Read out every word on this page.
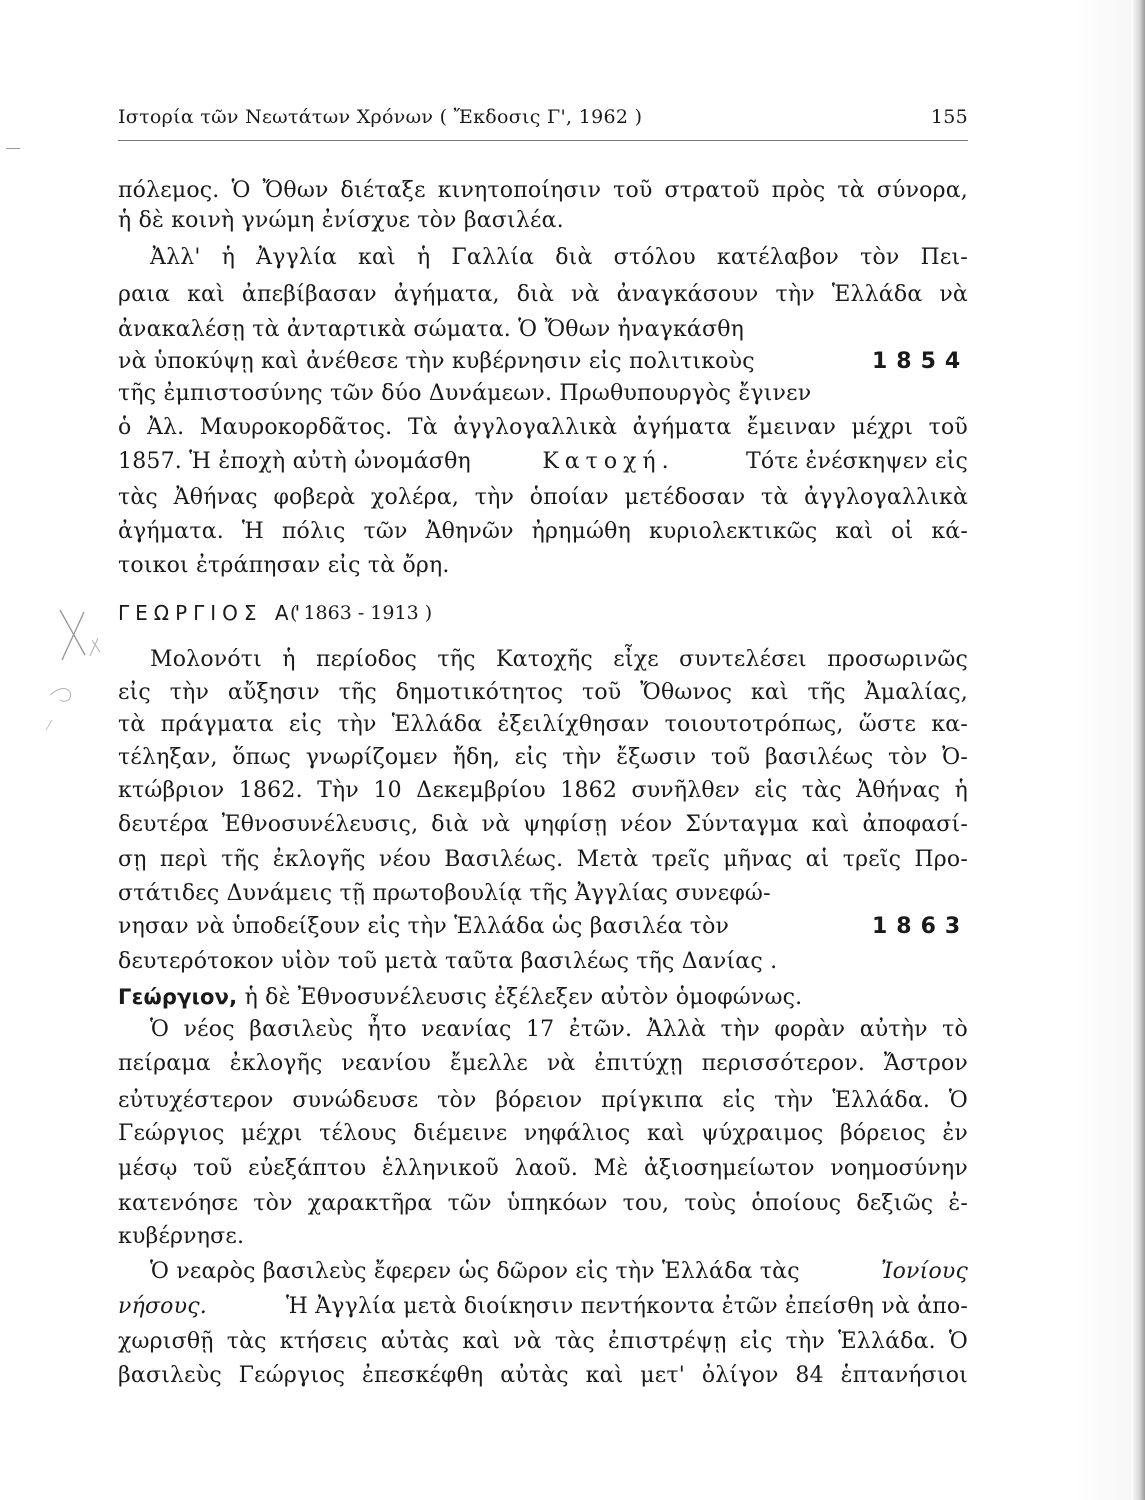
Ιστορία τῶν Νεωτάτων Χρόνων ( Ἔκδοσις Γ', 1962 )	155
πόλεμος. Ὁ Ὄθων διέταξε κινητοποίησιν τοῦ στρατοῦ πρὸς τὰ σύνορα,
ἡ δὲ κοινὴ γνώμη ἐνίσχυε τὸν βασιλέα.
Ἀλλ' ἡ Ἀγγλία καὶ ἡ Γαλλία διὰ στόλου κατέλαβον τὸν Πει-
ραια καὶ ἀπεβίβασαν ἀγήματα, διὰ νὰ ἀναγκάσουν τὴν Ἑλλάδα νὰ
ἀνακαλέσῃ τὰ ἀνταρτικὰ σώματα. Ὁ Ὄθων ἠναγκάσθη
νὰ ὑποκύψῃ καὶ ἀνέθεσε τὴν κυβέρνησιν εἰς πολιτικοὺς	1854
τῆς ἐμπιστοσύνης τῶν δύο Δυνάμεων. Πρωθυπουργὸς ἔγινεν
ὁ Ἀλ. Μαυροκορδᾶτος. Τὰ ἀγγλογαλλικὰ ἀγήματα ἔμειναν μέχρι τοῦ
1857. Ἡ ἐποχὴ αὐτὴ ὠνομάσθη	Κατοχή.	Τότε ἐνέσκηψεν εἰς
τὰς Ἀθήνας φοβερὰ χολέρα, τὴν ὁποίαν μετέδοσαν τὰ ἀγγλογαλλικὰ
ἀγήματα. Ἡ πόλις τῶν Ἀθηνῶν ἠρημώθη κυριολεκτικῶς καὶ οἱ κά-
τοικοι ἐτράπησαν εἰς τὰ ὄρη.
ΓΕΩΡΓΙΟΣ Α'
( 1863 - 1913 )
Μολονότι ἡ περίοδος τῆς Κατοχῆς εἶχε συντελέσει προσωρινῶς
εἰς τὴν αὔξησιν τῆς δημοτικότητος τοῦ Ὄθωνος καὶ τῆς Ἀμαλίας,
τὰ πράγματα εἰς τὴν Ἑλλάδα ἐξειλίχθησαν τοιουτοτρόπως, ὥστε κα-
τέληξαν, ὅπως γνωρίζομεν ἤδη, εἰς τὴν ἔξωσιν τοῦ βασιλέως τὸν Ὀ-
κτώβριον 1862. Τὴν 10 Δεκεμβρίου 1862 συνῆλθεν εἰς τὰς Ἀθήνας ἡ
δευτέρα Ἐθνοσυνέλευσις, διὰ νὰ ψηφίσῃ νέον Σύνταγμα καὶ ἀποφασί-
σῃ περὶ τῆς ἐκλογῆς νέου Βασιλέως. Μετὰ τρεῖς μῆνας αἱ τρεῖς Προ-
στάτιδες Δυνάμεις τῇ πρωτοβουλίᾳ τῆς Ἀγγλίας συνεφώ-
νησαν νὰ ὑποδείξουν εἰς τὴν Ἑλλάδα ὡς βασιλέα τὸν	1863
δευτερότοκον υἱὸν τοῦ μετὰ ταῦτα βασιλέως τῆς Δανίας .
Γεώργιον, ἡ δὲ Ἐθνοσυνέλευσις ἐξέλεξεν αὐτὸν ὁμοφώνως.
Ὁ νέος βασιλεὺς ἦτο νεανίας 17 ἐτῶν. Ἀλλὰ τὴν φορὰν αὐτὴν τὸ
πείραμα ἐκλογῆς νεανίου ἔμελλε νὰ ἐπιτύχῃ περισσότερον. Ἄστρον
εὐτυχέστερον συνώδευσε τὸν βόρειον πρίγκιπα εἰς τὴν Ἑλλάδα. Ὁ
Γεώργιος μέχρι τέλους διέμεινε νηφάλιος καὶ ψύχραιμος βόρειος ἐν
μέσῳ τοῦ εὐεξάπτου ἑλληνικοῦ λαοῦ. Μὲ ἀξιοσημείωτον νοημοσύνην
κατενόησε τὸν χαρακτῆρα τῶν ὑπηκόων του, τοὺς ὁποίους δεξιῶς ἐ-
κυβέρνησε.
Ὁ νεαρὸς βασιλεὺς ἔφερεν ὡς δῶρον εἰς τὴν Ἑλλάδα τὰς	Ἰονίους
νήσους.	Ἡ Ἀγγλία μετὰ διοίκησιν πεντήκοντα ἐτῶν ἐπείσθη νὰ ἀπο-
χωρισθῇ τὰς κτήσεις αὐτὰς καὶ νὰ τὰς ἐπιστρέψῃ εἰς τὴν Ἑλλάδα. Ὁ
βασιλεὺς Γεώργιος ἐπεσκέφθη αὐτὰς καὶ μετ' ὀλίγον 84 ἑπτανήσιοι
